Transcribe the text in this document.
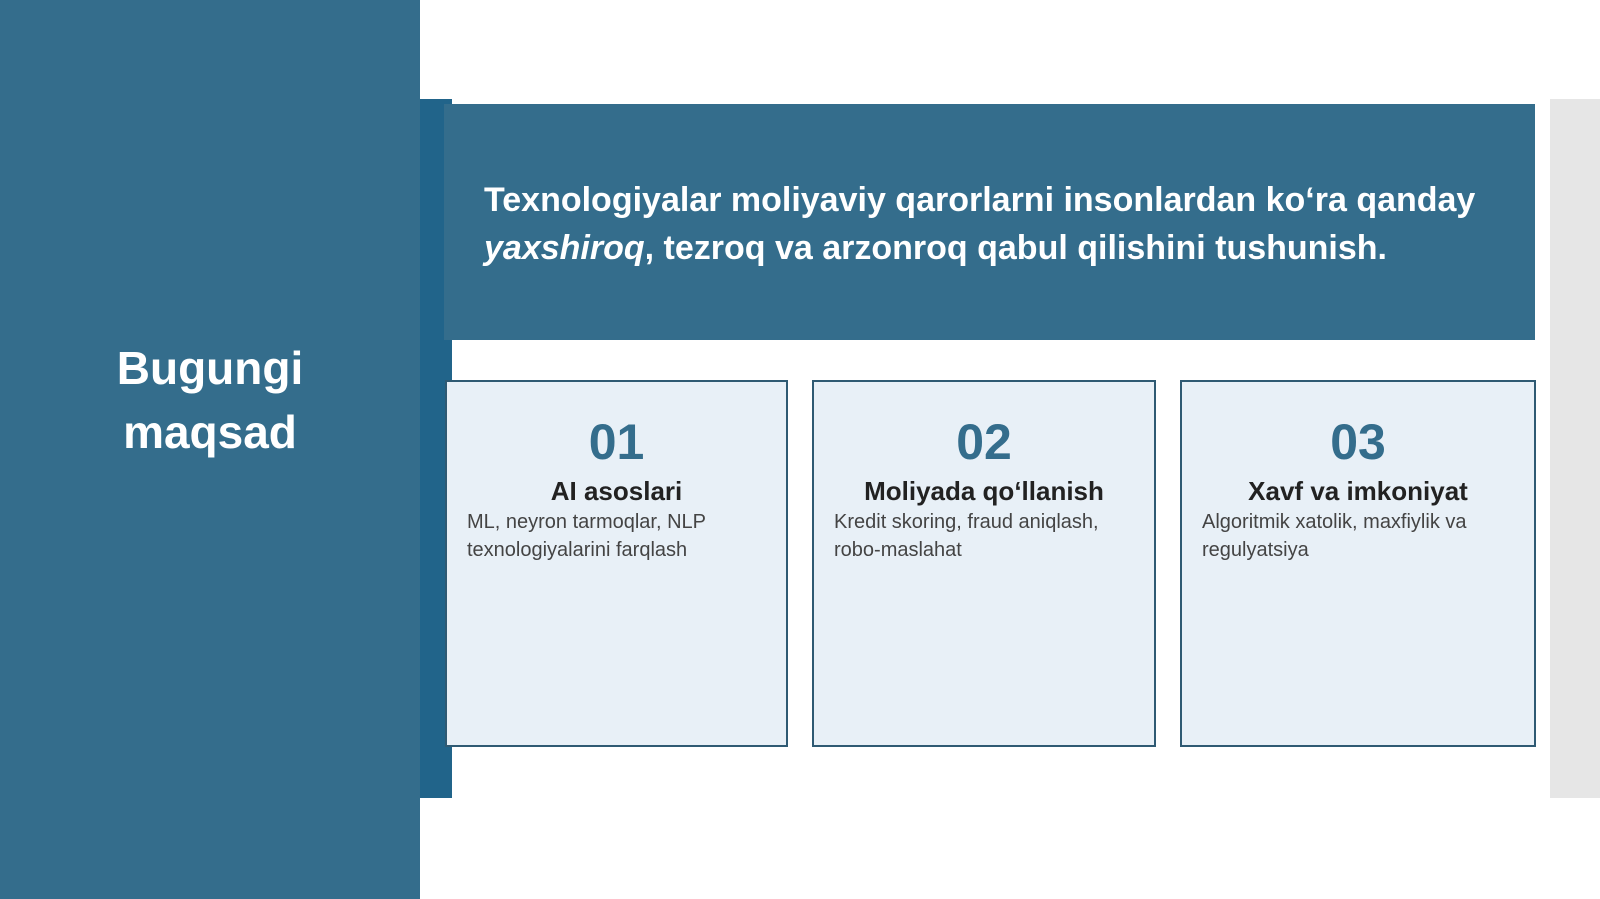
Bugungi
maqsad
Texnologiyalar moliyaviy qarorlarni insonlardan ko‘ra qanday yaxshiroq, tezroq va arzonroq qabul qilishini tushunish.
01
AI asoslari
ML, neyron tarmoqlar, NLP texnologiyalarini farqlash
02
Moliyada qo‘llanish
Kredit skoring, fraud aniqlash, robo-maslahat
03
Xavf va imkoniyat
Algoritmik xatolik, maxfiylik va regulyatsiya
